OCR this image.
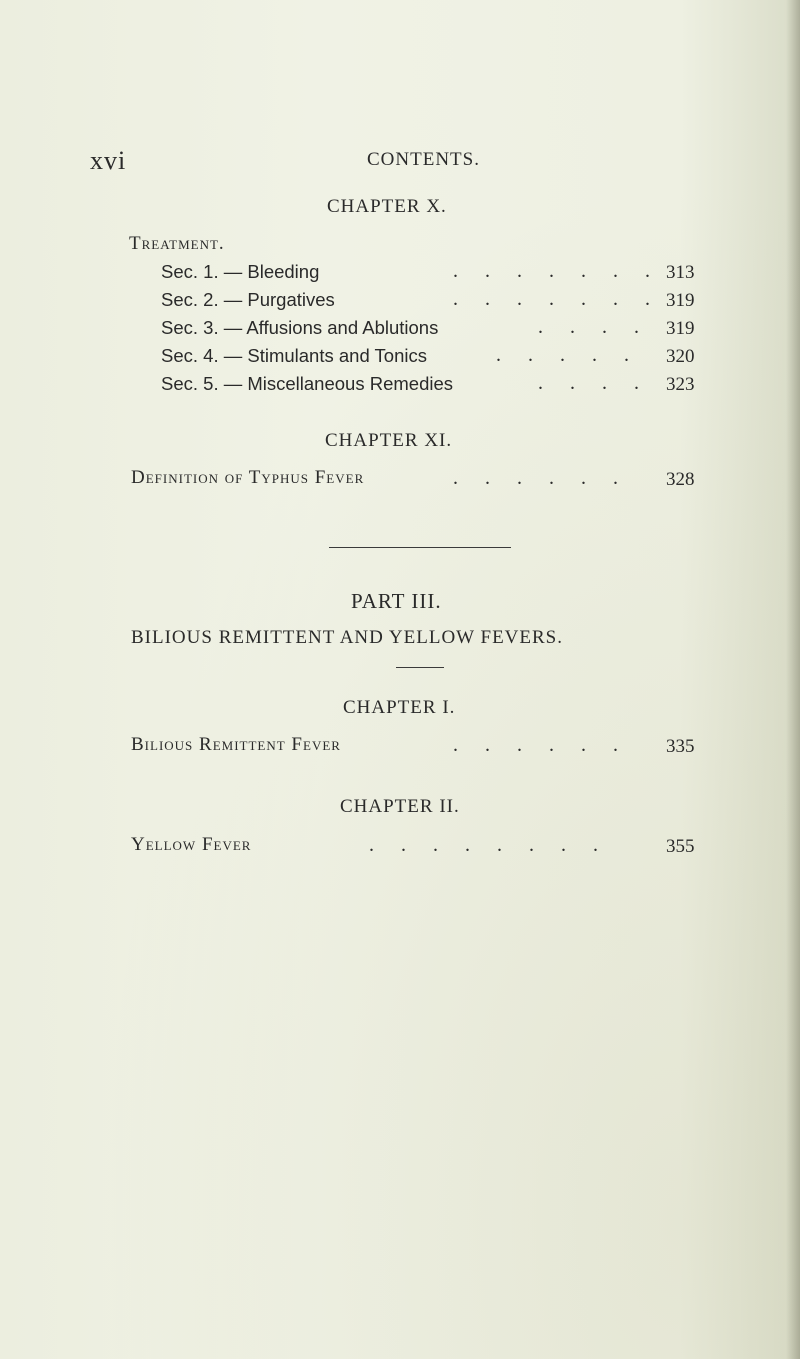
xvi	CONTENTS.
CHAPTER X.
Treatment.
Sec. 1. — Bleeding	. . . . . . . 313
Sec. 2. — Purgatives	. . . . . . . 319
Sec. 3. — Affusions and Ablutions	. . . . 319
Sec. 4. — Stimulants and Tonics	. . . . . 320
Sec. 5. — Miscellaneous Remedies	. . . . 323
CHAPTER XI.
Definition of Typhus Fever	. . . . . . 328
PART III.
BILIOUS REMITTENT AND YELLOW FEVERS.
CHAPTER I.
Bilious Remittent Fever	. . . . . . 335
CHAPTER II.
Yellow Fever	. . . . . . . .	355
